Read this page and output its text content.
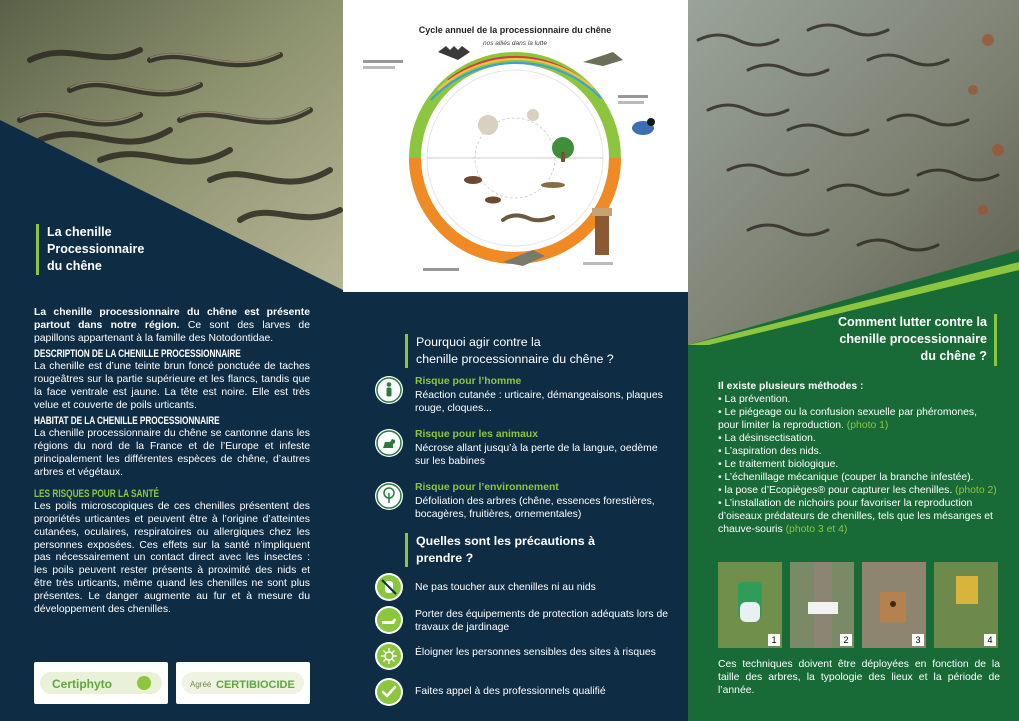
La chenille
Processionnaire
du chêne

La chenille processionnaire du chêne est présente partout dans notre région. Ce sont des larves de papillons appartenant à la famille des Notodontidae.

DESCRIPTION DE LA CHENILLE PROCESSIONNAIRE

La chenille est d’une teinte brun foncé ponctuée de taches rougeâtres sur la partie supérieure et les flancs, tandis que la face ventrale est jaune. La tête est noire. Elle est très velue et couverte de poils urticants.

HABITAT DE LA CHENILLE PROCESSIONNAIRE

La chenille processionnaire du chêne se cantonne dans les régions du nord de la France et de l’Europe et infeste principalement les différentes espèces de chêne, d’autres arbres et végétaux.

LES RISQUES POUR LA SANTÉ

Les poils microscopiques de ces chenilles présentent des propriétés urticantes et peuvent être à l’origine d’atteintes cutanées, oculaires, respiratoires ou allergiques chez les personnes exposées. Ces effets sur la santé n’impliquent pas nécessairement un contact direct avec les insectes : les poils peuvent rester présents à proximité des nids et être très urticants, même quand les chenilles ne sont plus présentes. Le danger augmente au fur et à mesure du développement des chenilles.

Certiphyto	Agréé CERTIBIOCIDE
Cycle annuel de la processionnaire du chêne
nos alliés dans la lutte
Pourquoi agir contre la
chenille processionnaire du chêne ?
Risque pour l’homme
Réaction cutanée : urticaire, démangeaisons, plaques rouge, cloques...
Risque pour les animaux
Nécrose allant jusqu’à la perte de la langue, oedème sur les babines
Risque pour l’environnement
Défoliation des arbres (chêne, essences forestières, bocagères, fruitières, ornementales)
Quelles sont les précautions à
prendre ?
Ne pas toucher aux chenilles ni au nids
Porter des équipements de protection adéquats lors de travaux de jardinage
Éloigner les personnes sensibles des sites à risques
Faites appel à des professionnels qualifié
Comment lutter contre la
chenille processionnaire
du chêne ?
Il existe plusieurs méthodes :
• La prévention.
• Le piégeage ou la confusion sexuelle par phéromones, pour limiter la reproduction. (photo 1)
• La désinsectisation.
• L’aspiration des nids.
• Le traitement biologique.
• L’échenillage mécanique (couper la branche infestée).
• la pose d’Ecopièges® pour capturer les chenilles. (photo 2)
• L’installation de nichoirs pour favoriser la reproduction d’oiseaux prédateurs de chenilles, tels que les mésanges et chauve-souris (photo 3 et 4)
1	2	3	4
Ces techniques doivent être déployées en fonction de la taille des arbres, la typologie des lieux et la période de l’année.
